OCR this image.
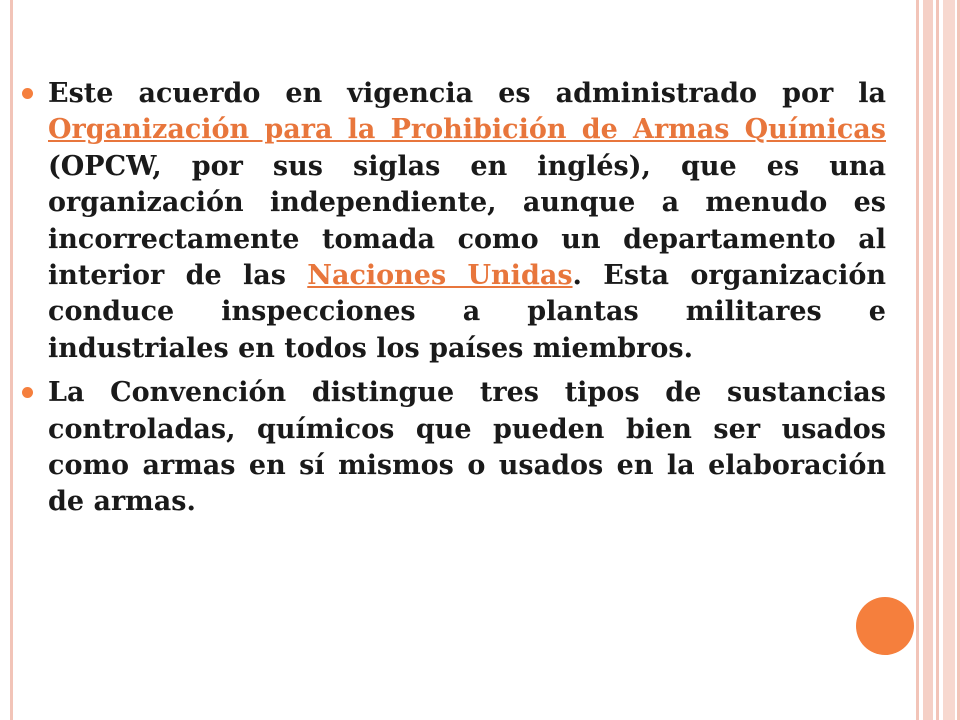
Este acuerdo en vigencia es administrado por la Organización para la Prohibición de Armas Químicas (OPCW, por sus siglas en inglés), que es una organización independiente, aunque a menudo es incorrectamente tomada como un departamento al interior de las Naciones Unidas. Esta organización conduce inspecciones a plantas militares e industriales en todos los países miembros.
La Convención distingue tres tipos de sustancias controladas, químicos que pueden bien ser usados como armas en sí mismos o usados en la elaboración de armas.
